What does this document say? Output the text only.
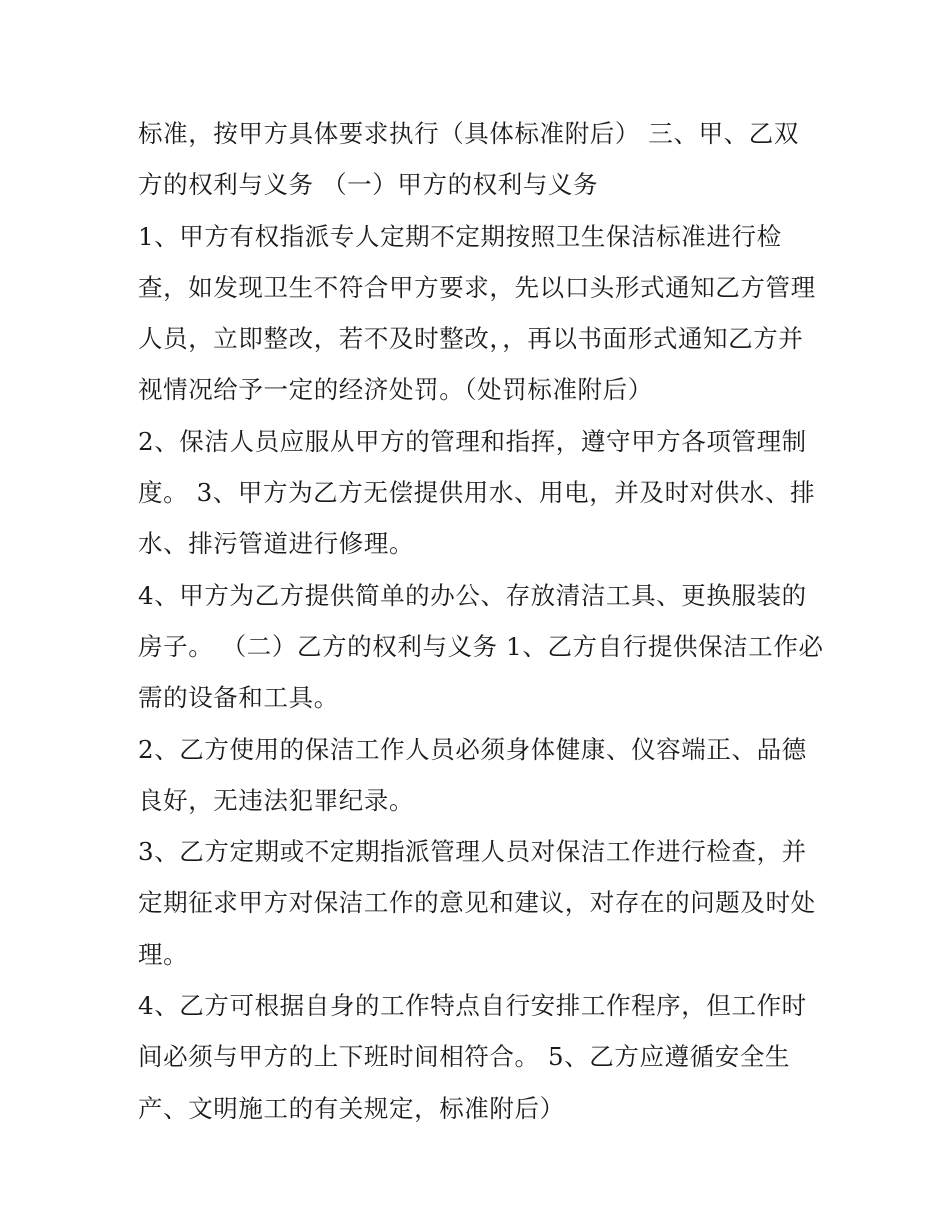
标准，按甲方具体要求执行（具体标准附后） 三、甲、乙双
方的权利与义务 （一）甲方的权利与义务
1、甲方有权指派专人定期不定期按照卫生保洁标准进行检
查，如发现卫生不符合甲方要求，先以口头形式通知乙方管理
人员，立即整改，若不及时整改，，再以书面形式通知乙方并
视情况给予一定的经济处罚。（处罚标准附后）
2、保洁人员应服从甲方的管理和指挥，遵守甲方各项管理制
度。 3、甲方为乙方无偿提供用水、用电，并及时对供水、排
水、排污管道进行修理。
4、甲方为乙方提供简单的办公、存放清洁工具、更换服装的
房子。 （二）乙方的权利与义务 1、乙方自行提供保洁工作必
需的设备和工具。
2、乙方使用的保洁工作人员必须身体健康、仪容端正、品德
良好，无违法犯罪纪录。
3、乙方定期或不定期指派管理人员对保洁工作进行检查，并
定期征求甲方对保洁工作的意见和建议，对存在的问题及时处
理。
4、乙方可根据自身的工作特点自行安排工作程序，但工作时
间必须与甲方的上下班时间相符合。 5、乙方应遵循安全生
产、文明施工的有关规定，标准附后）
